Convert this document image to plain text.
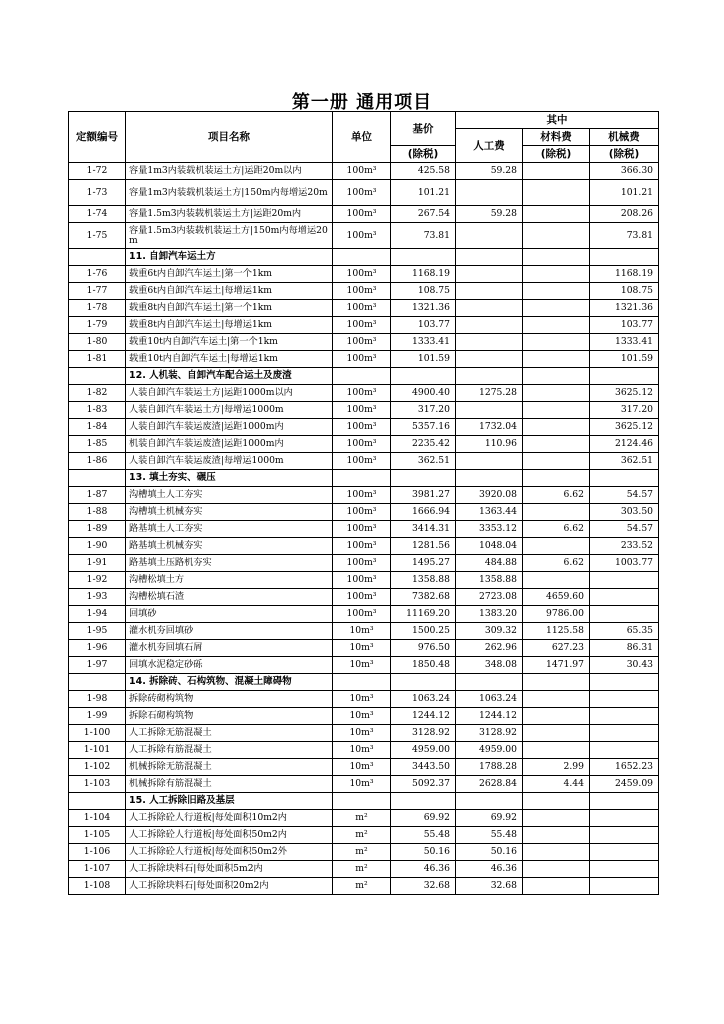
第一册 通用项目
定额编号	项目名称	单位	基价	其中		
				人工费	材料费	机械费
			(除税)		(除税)	(除税)
1-72	容量1m3内装载机装运土方|运距20m以内	100m³	425.58	59.28		366.30
1-73	容量1m3内装载机装运土方|150m内每增运20m	100m³	101.21			101.21
1-74	容量1.5m3内装载机装运土方|运距20m内	100m³	267.54	59.28		208.26
1-75	容量1.5m3内装载机装运土方|150m内每增运20m	100m³	73.81			73.81
	11. 自卸汽车运土方					
1-76	载重6t内自卸汽车运土|第一个1km	100m³	1168.19			1168.19
1-77	载重6t内自卸汽车运土|每增运1km	100m³	108.75			108.75
1-78	载重8t内自卸汽车运土|第一个1km	100m³	1321.36			1321.36
1-79	载重8t内自卸汽车运土|每增运1km	100m³	103.77			103.77
1-80	载重10t内自卸汽车运土|第一个1km	100m³	1333.41			1333.41
1-81	载重10t内自卸汽车运土|每增运1km	100m³	101.59			101.59
	12. 人机装、自卸汽车配合运土及废渣					
1-82	人装自卸汽车装运土方|运距1000m以内	100m³	4900.40	1275.28		3625.12
1-83	人装自卸汽车装运土方|每增运1000m	100m³	317.20			317.20
1-84	人装自卸汽车装运废渣|运距1000m内	100m³	5357.16	1732.04		3625.12
1-85	机装自卸汽车装运废渣|运距1000m内	100m³	2235.42	110.96		2124.46
1-86	人装自卸汽车装运废渣|每增运1000m	100m³	362.51			362.51
	13. 填土夯实、碾压					
1-87	沟槽填土人工夯实	100m³	3981.27	3920.08	6.62	54.57
1-88	沟槽填土机械夯实	100m³	1666.94	1363.44		303.50
1-89	路基填土人工夯实	100m³	3414.31	3353.12	6.62	54.57
1-90	路基填土机械夯实	100m³	1281.56	1048.04		233.52
1-91	路基填土压路机夯实	100m³	1495.27	484.88	6.62	1003.77
1-92	沟槽松填土方	100m³	1358.88	1358.88		
1-93	沟槽松填石渣	100m³	7382.68	2723.08	4659.60	
1-94	回填砂	100m³	11169.20	1383.20	9786.00	
1-95	灌水机夯回填砂	10m³	1500.25	309.32	1125.58	65.35
1-96	灌水机夯回填石屑	10m³	976.50	262.96	627.23	86.31
1-97	回填水泥稳定砂砾	10m³	1850.48	348.08	1471.97	30.43
	14. 拆除砖、石构筑物、混凝土障碍物					
1-98	拆除砖砌构筑物	10m³	1063.24	1063.24		
1-99	拆除石砌构筑物	10m³	1244.12	1244.12		
1-100	人工拆除无筋混凝土	10m³	3128.92	3128.92		
1-101	人工拆除有筋混凝土	10m³	4959.00	4959.00		
1-102	机械拆除无筋混凝土	10m³	3443.50	1788.28	2.99	1652.23
1-103	机械拆除有筋混凝土	10m³	5092.37	2628.84	4.44	2459.09
	15. 人工拆除旧路及基层					
1-104	人工拆除砼人行道板|每处面积10m2内	m²	69.92	69.92		
1-105	人工拆除砼人行道板|每处面积50m2内	m²	55.48	55.48		
1-106	人工拆除砼人行道板|每处面积50m2外	m²	50.16	50.16		
1-107	人工拆除块料石|每处面积5m2内	m²	46.36	46.36		
1-108	人工拆除块料石|每处面积20m2内	m²	32.68	32.68		
